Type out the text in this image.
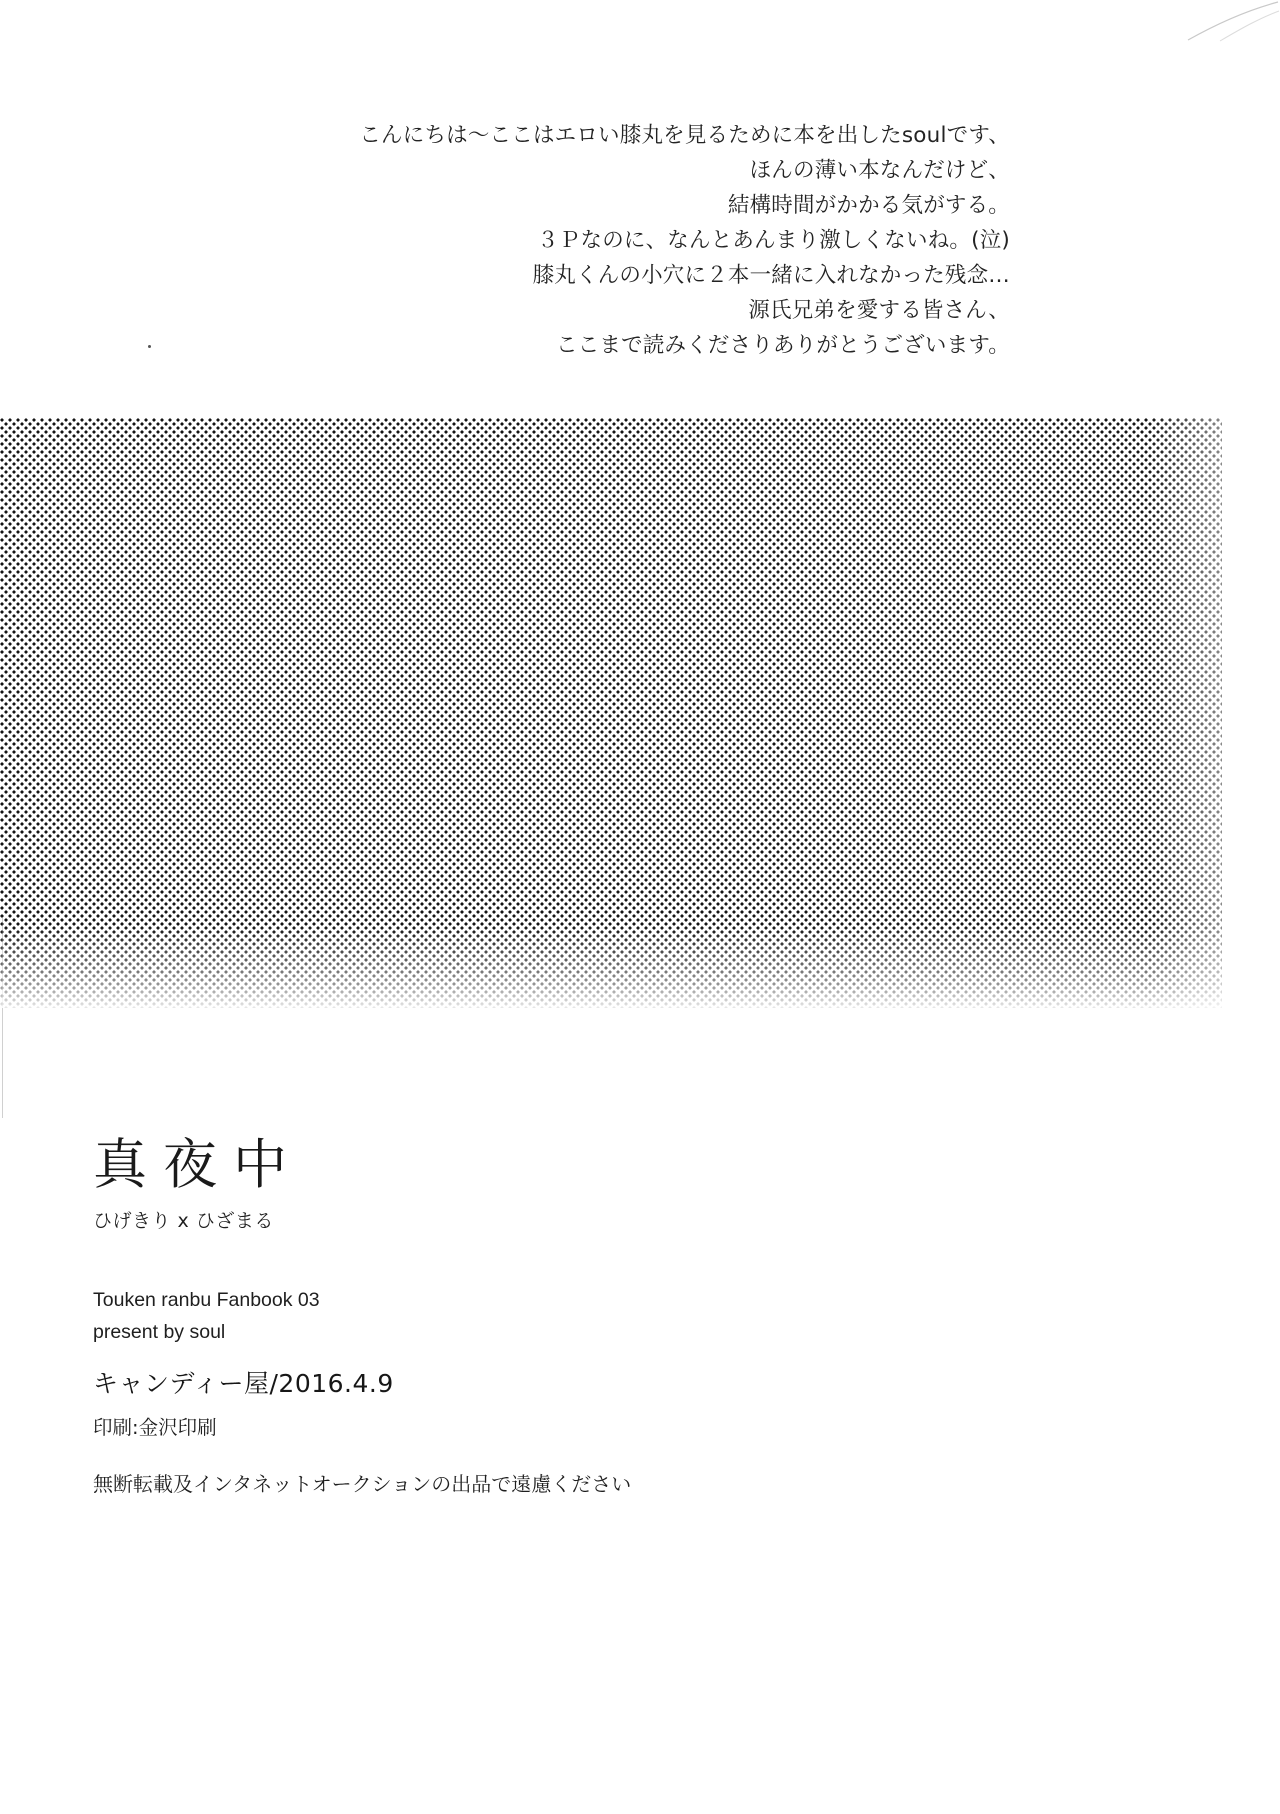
こんにちは〜ここはエロい膝丸を見るために本を出したsoulです、
ほんの薄い本なんだけど、
結構時間がかかる気がする。
３Ｐなのに、なんとあんまり激しくないね。(泣)
膝丸くんの小穴に２本一緒に入れなかった残念…
源氏兄弟を愛する皆さん、
ここまで読みくださりありがとうございます。
真夜中
ひげきり x ひざまる
Touken ranbu Fanbook 03
present by soul
キャンディー屋/2016.4.9
印刷:金沢印刷
無断転載及インタネットオークションの出品で遠慮ください
